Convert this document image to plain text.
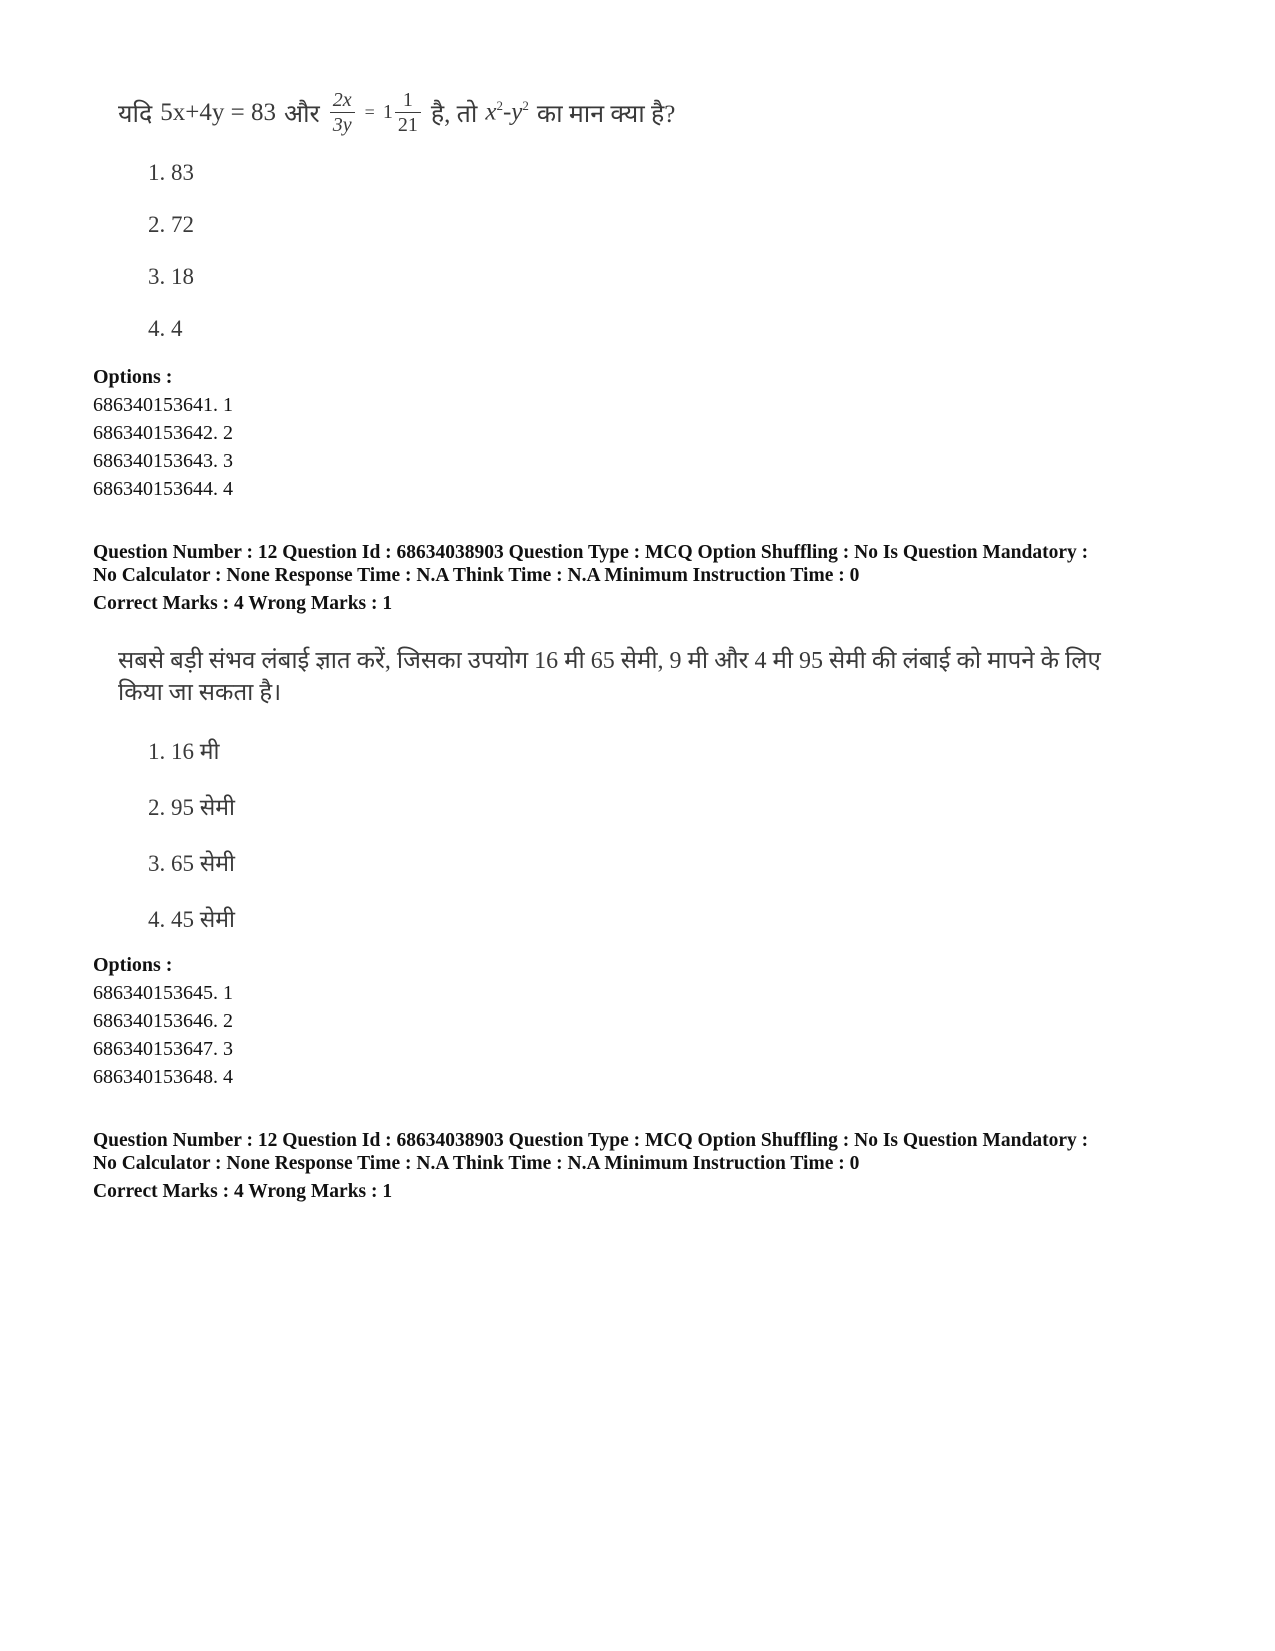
यदि 5x+4y = 83 और $\frac{2x}{3y} = 1 \frac{1}{21}$ है, तो $x^2-y^2$ का मान क्या है?
1. 83
2. 72
3. 18
4. 4
Options :
686340153641. 1
686340153642. 2
686340153643. 3
686340153644. 4
Question Number : 12 Question Id : 68634038903 Question Type : MCQ Option Shuffling : No Is Question Mandatory :
No Calculator : None Response Time : N.A Think Time : N.A Minimum Instruction Time : 0
Correct Marks : 4 Wrong Marks : 1
सबसे बड़ी संभव लंबाई ज्ञात करें, जिसका उपयोग 16 मी 65 सेमी, 9 मी और 4 मी 95 सेमी की लंबाई को मापने के लिए
किया जा सकता है।
1. 16 मी
2. 95 सेमी
3. 65 सेमी
4. 45 सेमी
Options :
686340153645. 1
686340153646. 2
686340153647. 3
686340153648. 4
Question Number : 12 Question Id : 68634038903 Question Type : MCQ Option Shuffling : No Is Question Mandatory :
No Calculator : None Response Time : N.A Think Time : N.A Minimum Instruction Time : 0
Correct Marks : 4 Wrong Marks : 1
